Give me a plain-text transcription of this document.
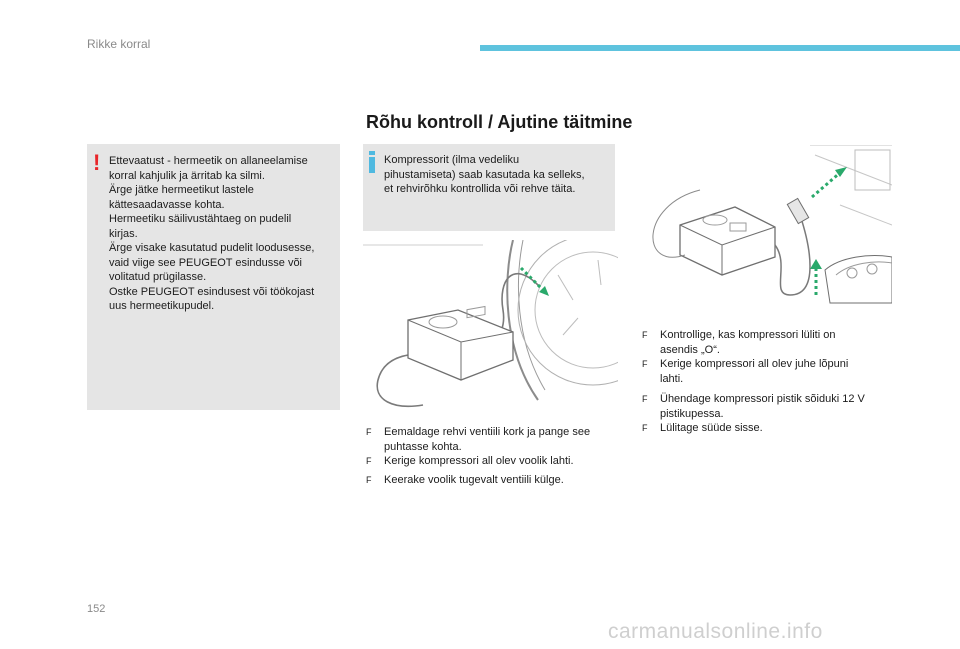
Rikke korral
Rõhu kontroll / Ajutine täitmine
! Ettevaatust - hermeetik on allaneelamise
korral kahjulik ja ärritab ka silmi.
Ärge jätke hermeetikut lastele
kättesaadavasse kohta.
Hermeetiku säilivustähtaeg on pudelil
kirjas.
Ärge visake kasutatud pudelit loodusesse,
vaid viige see PEUGEOT esindusse või
volitatud prügilasse.
Ostke PEUGEOT esindusest või töökojast
uus hermeetikupudel.
Kompressorit (ilma vedeliku
pihustamiseta) saab kasutada ka selleks,
et rehvirõhku kontrollida või rehve täita.
F Eemaldage rehvi ventiili kork ja pange see
puhtasse kohta.
F Kerige kompressori all olev voolik lahti.
F Keerake voolik tugevalt ventiili külge.
F Kontrollige, kas kompressori lüliti on
asendis „O“.
F Kerige kompressori all olev juhe lõpuni
lahti.
F Ühendage kompressori pistik sõiduki 12 V
pistikupessa.
F Lülitage süüde sisse.
152
carmanualsonline.info
